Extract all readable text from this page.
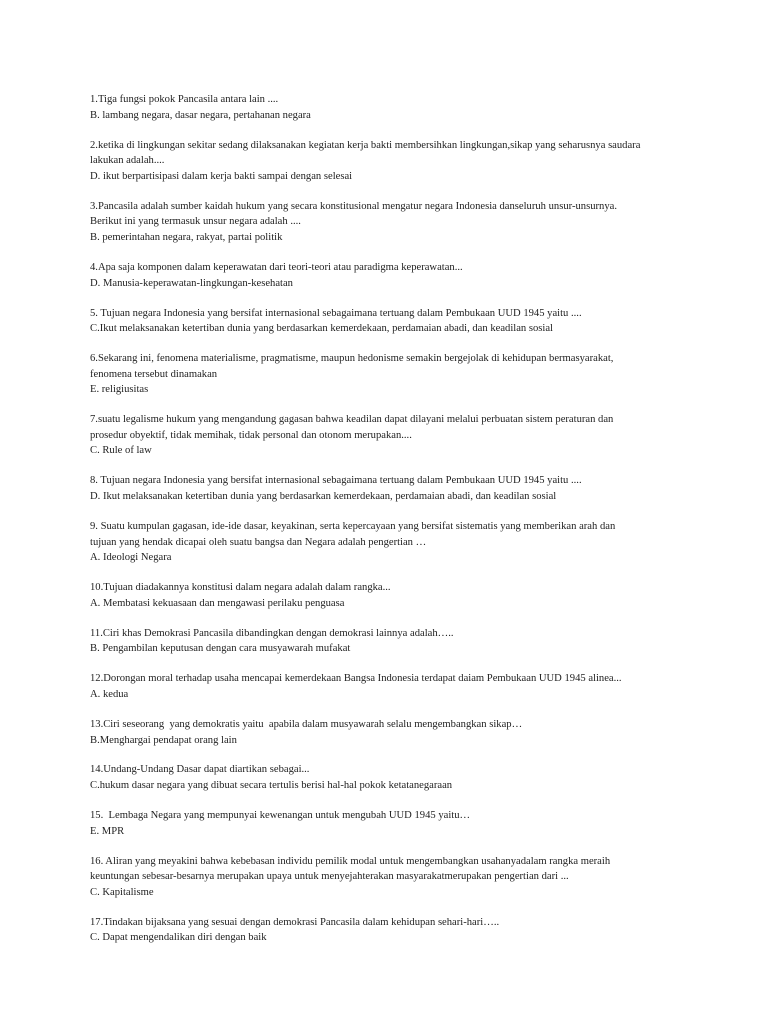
1.Tiga fungsi pokok Pancasila antara lain ....

B. lambang negara, dasar negara, pertahanan negara

2.ketika di lingkungan sekitar sedang dilaksanakan kegiatan kerja bakti membersihkan lingkungan,sikap yang seharusnya saudara

lakukan adalah....

D. ikut berpartisipasi dalam kerja bakti sampai dengan selesai

3.Pancasila adalah sumber kaidah hukum yang secara konstitusional mengatur negara Indonesia danseluruh unsur-unsurnya.

Berikut ini yang termasuk unsur negara adalah ....

B. pemerintahan negara, rakyat, partai politik

4.Apa saja komponen dalam keperawatan dari teori-teori atau paradigma keperawatan...

D. Manusia-keperawatan-lingkungan-kesehatan

5. Tujuan negara Indonesia yang bersifat internasional sebagaimana tertuang dalam Pembukaan UUD 1945 yaitu ....

C.Ikut melaksanakan ketertiban dunia yang berdasarkan kemerdekaan, perdamaian abadi, dan keadilan sosial

6.Sekarang ini, fenomena materialisme, pragmatisme, maupun hedonisme semakin bergejolak di kehidupan bermasyarakat,

fenomena tersebut dinamakan

E. religiusitas

7.suatu legalisme hukum yang mengandung gagasan bahwa keadilan dapat dilayani melalui perbuatan sistem peraturan dan

prosedur obyektif, tidak memihak, tidak personal dan otonom merupakan....

C. Rule of law

8. Tujuan negara Indonesia yang bersifat internasional sebagaimana tertuang dalam Pembukaan UUD 1945 yaitu ....

D. Ikut melaksanakan ketertiban dunia yang berdasarkan kemerdekaan, perdamaian abadi, dan keadilan sosial

9. Suatu kumpulan gagasan, ide-ide dasar, keyakinan, serta kepercayaan yang bersifat sistematis yang memberikan arah dan

tujuan yang hendak dicapai oleh suatu bangsa dan Negara adalah pengertian …

A. Ideologi Negara

10.Tujuan diadakannya konstitusi dalam negara adalah dalam rangka...

A. Membatasi kekuasaan dan mengawasi perilaku penguasa

11.Ciri khas Demokrasi Pancasila dibandingkan dengan demokrasi lainnya adalah…..

B. Pengambilan keputusan dengan cara musyawarah mufakat

12.Dorongan moral terhadap usaha mencapai kemerdekaan Bangsa Indonesia terdapat daiam Pembukaan UUD 1945 alinea...

A. kedua

13.Ciri seseorang  yang demokratis yaitu  apabila dalam musyawarah selalu mengembangkan sikap…

B.Menghargai pendapat orang lain

14.Undang-Undang Dasar dapat diartikan sebagai...

C.hukum dasar negara yang dibuat secara tertulis berisi hal-hal pokok ketatanegaraan

15.  Lembaga Negara yang mempunyai kewenangan untuk mengubah UUD 1945 yaitu…

E. MPR

16. Aliran yang meyakini bahwa kebebasan individu pemilik modal untuk mengembangkan usahanyadalam rangka meraih

keuntungan sebesar-besarnya merupakan upaya untuk menyejahterakan masyarakatmerupakan pengertian dari ...

C. Kapitalisme

17.Tindakan bijaksana yang sesuai dengan demokrasi Pancasila dalam kehidupan sehari-hari…..

C. Dapat mengendalikan diri dengan baik
